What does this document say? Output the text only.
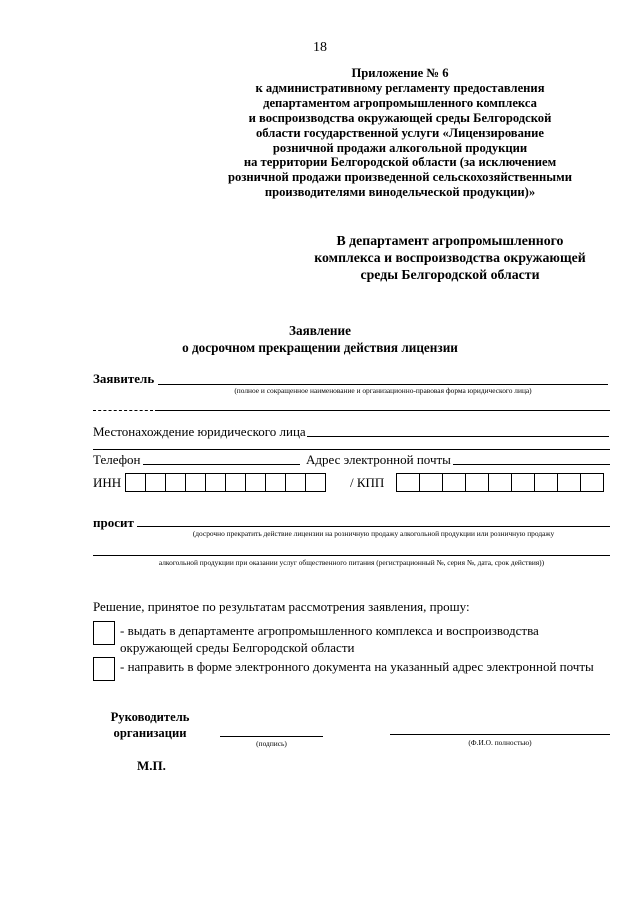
18
Приложение № 6
к административному регламенту предоставления
департаментом агропромышленного комплекса
и воспроизводства окружающей среды Белгородской
области государственной услуги «Лицензирование
розничной продажи алкогольной продукции
на территории Белгородской области (за исключением
розничной продажи произведенной сельскохозяйственными
производителями винодельческой продукции)»
В департамент агропромышленного
комплекса и воспроизводства окружающей
среды Белгородской области
Заявление
о досрочном прекращении действия лицензии
Заявитель
(полное и сокращенное наименование и организационно-правовая форма юридического лица)
Местонахождение юридического лица
Телефон	Адрес электронной почты
ИНН	/ КПП
просит
(досрочно прекратить действие лицензии на розничную продажу алкогольной продукции или розничную продажу
алкогольной продукции при оказании услуг общественного питания (регистрационный №, серия №, дата, срок действия))
Решение, принятое по результатам рассмотрения заявления, прошу:
- выдать в департаменте агропромышленного комплекса и воспроизводства
окружающей среды Белгородской области
- направить в форме электронного документа на указанный адрес электронной почты
Руководитель
организации
(подпись)	(Ф.И.О. полностью)
М.П.
